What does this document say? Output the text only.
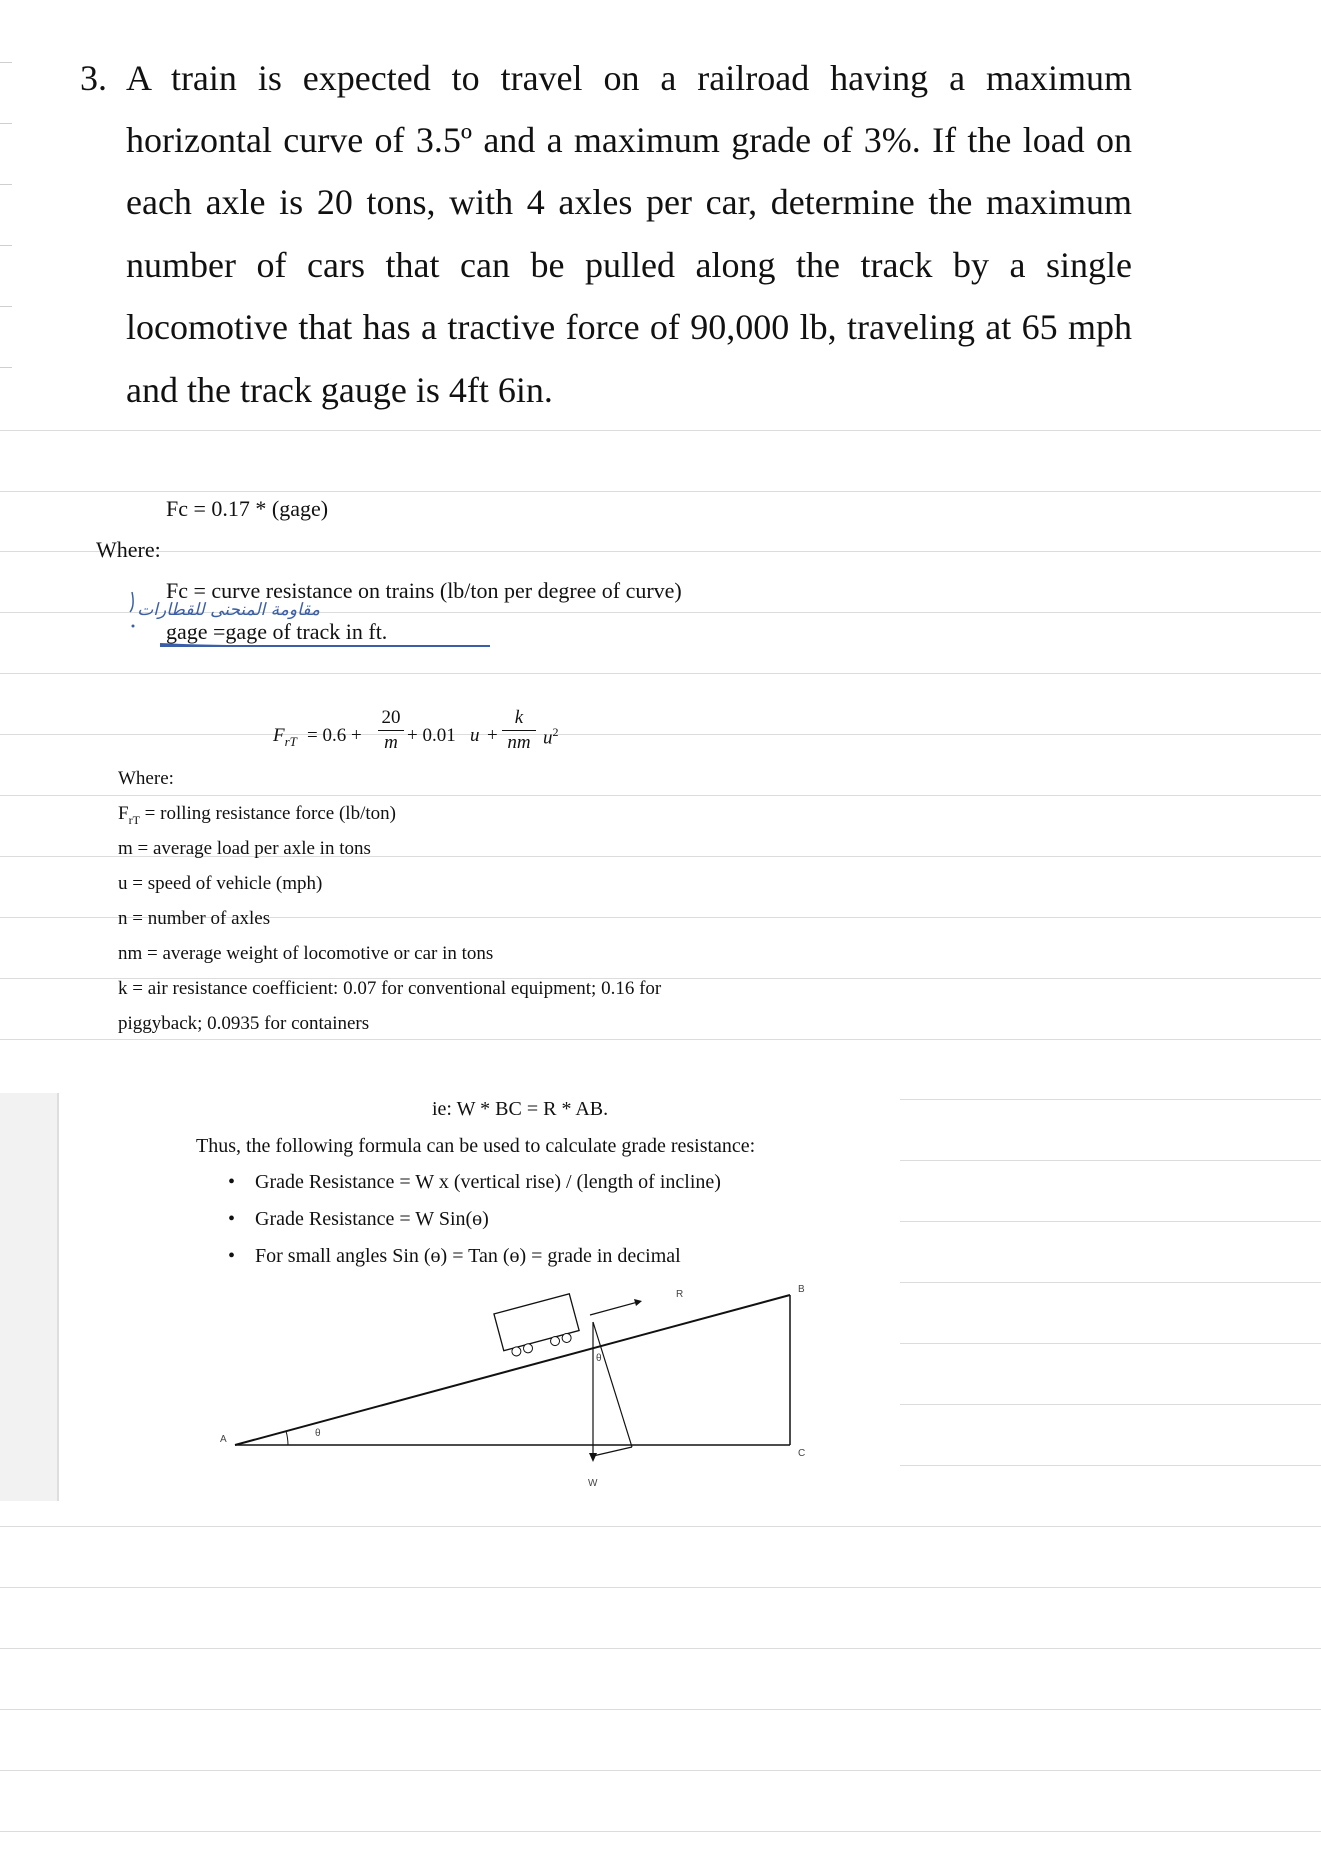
3. A train is expected to travel on a railroad having a maximum
horizontal curve of 3.5º and a maximum grade of 3%. If the load on
each axle is 20 tons, with 4 axles per car, determine the maximum
number of cars that can be pulled along the track by a single
locomotive that has a tractive force of 90,000 lb, traveling at 65 mph
and the track gauge is 4ft 6in.
Fc = 0.17 * (gage)
Where:
Fc = curve resistance on trains (lb/ton per degree of curve)
gage =gage of track in ft.
مقاومة المنحنى للقطارات
$F_{rT} = 0.6$ +
20
m + 0.01 u +
k
nm $u^2$
Where:
$F_{rT}$ = rolling resistance force (lb/ton)
m = average load per axle in tons
u = speed of vehicle (mph)
n = number of axles
nm = average weight of locomotive or car in tons
k = air resistance coefficient: 0.07 for conventional equipment; 0.16 for
piggyback; 0.0935 for containers
ie: W * BC = R * AB.
Thus, the following formula can be used to calculate grade resistance:
• Grade Resistance = W x (vertical rise) / (length of incline)
• Grade Resistance = W Sin(ɵ)
• For small angles Sin (ɵ) = Tan (ɵ) = grade in decimal
A
B
C
R
W
θ
θ
